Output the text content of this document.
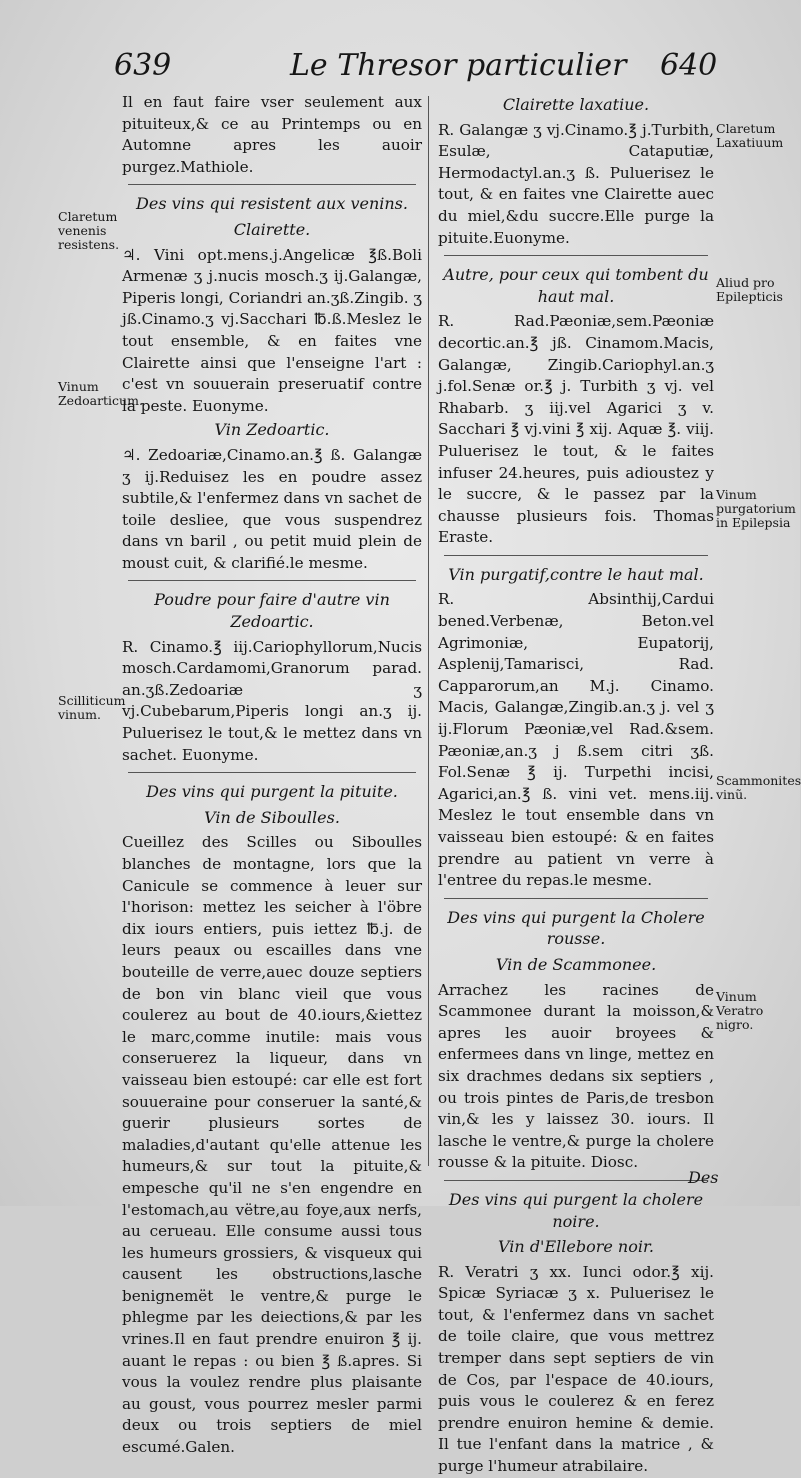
639	Le Thresor particulier 640

Il en faut faire vser seulement aux pituiteux,& ce au Printemps ou en Automne apres les auoir purgez.Mathiole.

Des vins qui resistent aux venins.
Clairette.

♃. Vini opt.mens.j.Angelicæ ℥ß.Boli Armenæ ʒ j.nucis mosch.ʒ ij.Galangæ, Piperis longi, Coriandri an.ʒß.Zingib. ʒ jß.Cinamo.ʒ vj.Sacchari ℔.ß.Meslez le tout ensemble, & en faites vne Clairette ainsi que l'enseigne l'art : c'est vn souuerain preseruatif contre la peste. Euonyme.

Vin Zedoartic.

♃. Zedoariæ,Cinamo.an.℥ ß. Galangæ ʒ ij.Reduisez les en poudre assez subtile,& l'enfermez dans vn sachet de toile desliee, que vous suspendrez dans vn baril , ou petit muid plein de moust cuit, & clarifié.le mesme.

Poudre pour faire d'autre vin Zedoartic.

R. Cinamo.℥ iij.Cariophyllorum,Nucis mosch.Cardamomi,Granorum parad. an.ʒß.Zedoariæ ʒ vj.Cubebarum,Piperis longi an.ʒ ij. Puluerisez le tout,& le mettez dans vn sachet. Euonyme.

Des vins qui purgent la pituite.
Vin de Siboulles.

Cueillez des Scilles ou Siboulles blanches de montagne, lors que la Canicule se commence à leuer sur l'horison: mettez les seicher à l'öbre dix iours entiers, puis iettez ℔.j. de leurs peaux ou escailles dans vne bouteille de verre,auec douze septiers de bon vin blanc vieil que vous coulerez au bout de 40.iours,&iettez le marc,comme inutile: mais vous conseruerez la liqueur, dans vn vaisseau bien estoupé: car elle est fort souueraine pour conseruer la santé,& guerir plusieurs sortes de maladies,d'autant qu'elle attenue les humeurs,& sur tout la pituite,& empesche qu'il ne s'en engendre en l'estomach,au vëtre,au foye,aux nerfs, au cerueau. Elle consume aussi tous les humeurs grossiers, & visqueux qui causent les obstructions,lasche benignemët le ventre,& purge le phlegme par les deiections,& par les vrines.Il en faut prendre enuiron ℥ ij. auant le repas : ou bien ℥ ß.apres. Si vous la voulez rendre plus plaisante au goust, vous pourrez mesler parmi deux ou trois septiers de miel escumé.Galen.

Claretum venenis resistens.
Vinum Zedoarticum.
Scilliticum vinum.
Clairette laxatiue.

R. Galangæ ʒ vj.Cinamo.℥ j.Turbith, Esulæ, Cataputiæ, Hermodactyl.an.ʒ ß. Puluerisez le tout, & en faites vne Clairette auec du miel,&du succre.Elle purge la pituite.Euonyme.

Autre, pour ceux qui tombent du haut mal.

R. Rad.Pæoniæ,sem.Pæoniæ decortic.an.℥ jß. Cinamom.Macis, Galangæ, Zingib.Cariophyl.an.ʒ j.fol.Senæ or.℥ j. Turbith ʒ vj. vel Rhabarb. ʒ iij.vel Agarici ʒ v. Sacchari ℥ vj.vini ℥ xij. Aquæ ℥. viij. Puluerisez le tout, & le faites infuser 24.heures, puis adioustez y le succre, & le passez par la chausse plusieurs fois. Thomas Eraste.

Vin purgatif,contre le haut mal.

R. Absinthij,Cardui bened.Verbenæ, Beton.vel Agrimoniæ, Eupatorij, Asplenij,Tamarisci, Rad. Capparorum,an M.j. Cinamo. Macis, Galangæ,Zingib.an.ʒ j. vel ʒ ij.Florum Pæoniæ,vel Rad.&sem. Pæoniæ,an.ʒ j ß.sem citri ʒß. Fol.Senæ ℥ ij. Turpethi incisi, Agarici,an.℥ ß. vini vet. mens.iij. Meslez le tout ensemble dans vn vaisseau bien estoupé: & en faites prendre au patient vn verre à l'entree du repas.le mesme.

Des vins qui purgent la Cholere rousse.
Vin de Scammonee.

Arrachez les racines de Scammonee durant la moisson,& apres les auoir broyees & enfermees dans vn linge, mettez en six drachmes dedans six septiers , ou trois pintes de Paris,de tresbon vin,& les y laissez 30. iours. Il lasche le ventre,& purge la cholere rousse & la pituite. Diosc.

Des vins qui purgent la cholere noire.
Vin d'Ellebore noir.

R. Veratri ʒ xx. Iunci odor.℥ xij. Spicæ Syriacæ ʒ x. Puluerisez le tout, & l'enfermez dans vn sachet de toile claire, que vous mettrez tremper dans sept septiers de vin de Cos, par l'espace de 40.iours, puis vous le coulerez & en ferez prendre enuiron hemine & demie. Il tue l'enfant dans la matrice , & purge l'humeur atrabilaire.

Claretum Laxatiuum
Aliud pro Epilepticis
Vinum purgatorium in Epilepsia
Scammonites vinũ.
Vinum Veratro nigro.
Des
